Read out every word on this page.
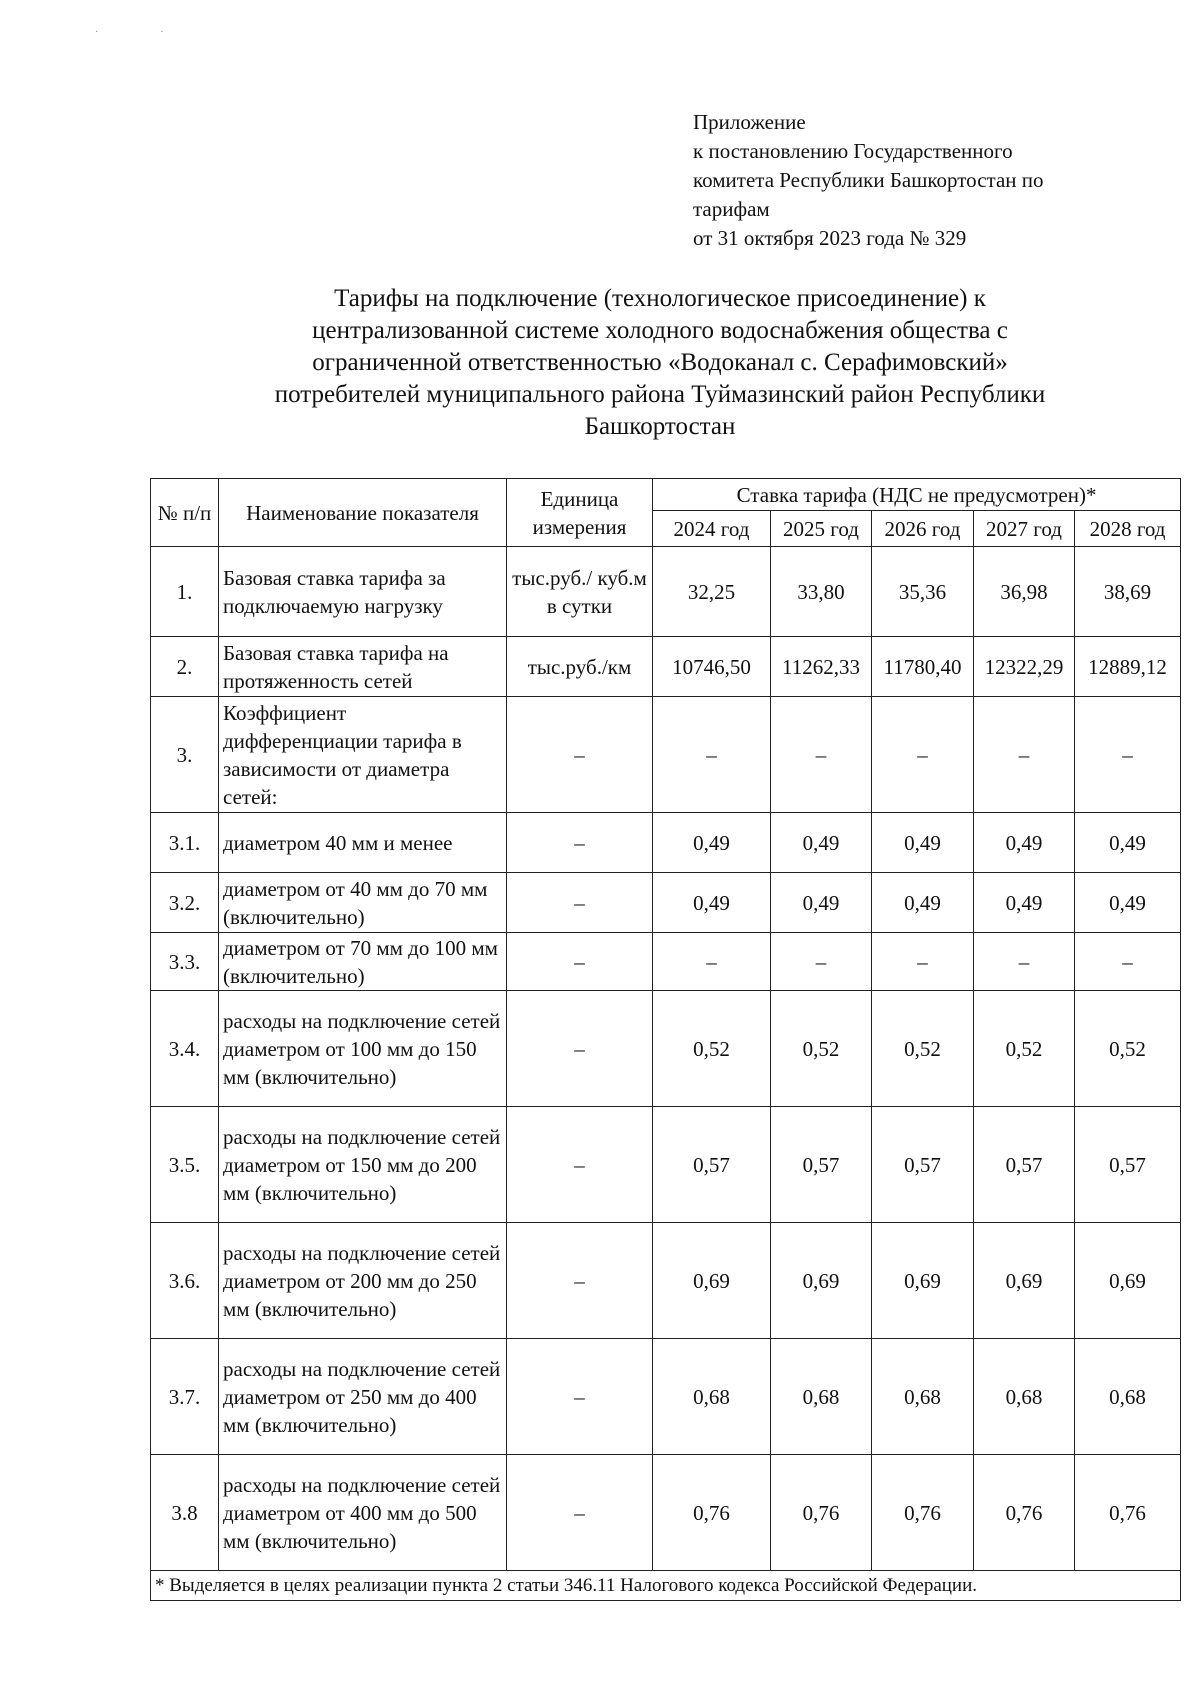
··
Приложение
к постановлению Государственного
комитета Республики Башкортостан по
тарифам
от 31 октября 2023 года № 329
Тарифы на подключение (технологическое присоединение) к
централизованной системе холодного водоснабжения общества с
ограниченной ответственностью «Водоканал с. Серафимовский»
потребителей муниципального района Туймазинский район Республики
Башкортостан
№ п/п	Наименование показателя	Единица измерения	Ставка тарифа (НДС не предусмотрен)*				
			2024 год	2025 год	2026 год	2027 год	2028 год
1.	Базовая ставка тарифа за подключаемую нагрузку	тыс.руб./ куб.м в сутки	32,25	33,80	35,36	36,98	38,69
2.	Базовая ставка тарифа на протяженность сетей	тыс.руб./км	10746,50	11262,33	11780,40	12322,29	12889,12
3.	Коэффициент дифференциации тарифа в зависимости от диаметра сетей:	–	–	–	–	–	–
3.1.	диаметром 40 мм и менее	–	0,49	0,49	0,49	0,49	0,49
3.2.	диаметром от 40 мм до 70 мм (включительно)	–	0,49	0,49	0,49	0,49	0,49
3.3.	диаметром от 70 мм до 100 мм (включительно)	–	–	–	–	–	–
3.4.	расходы на подключение сетей диаметром от 100 мм до 150 мм (включительно)	–	0,52	0,52	0,52	0,52	0,52
3.5.	расходы на подключение сетей диаметром от 150 мм до 200 мм (включительно)	–	0,57	0,57	0,57	0,57	0,57
3.6.	расходы на подключение сетей диаметром от 200 мм до 250 мм (включительно)	–	0,69	0,69	0,69	0,69	0,69
3.7.	расходы на подключение сетей диаметром от 250 мм до 400 мм (включительно)	–	0,68	0,68	0,68	0,68	0,68
3.8	расходы на подключение сетей диаметром от 400 мм до 500 мм (включительно)	–	0,76	0,76	0,76	0,76	0,76
* Выделяется в целях реализации пункта 2 статьи 346.11 Налогового кодекса Российской Федерации.							
